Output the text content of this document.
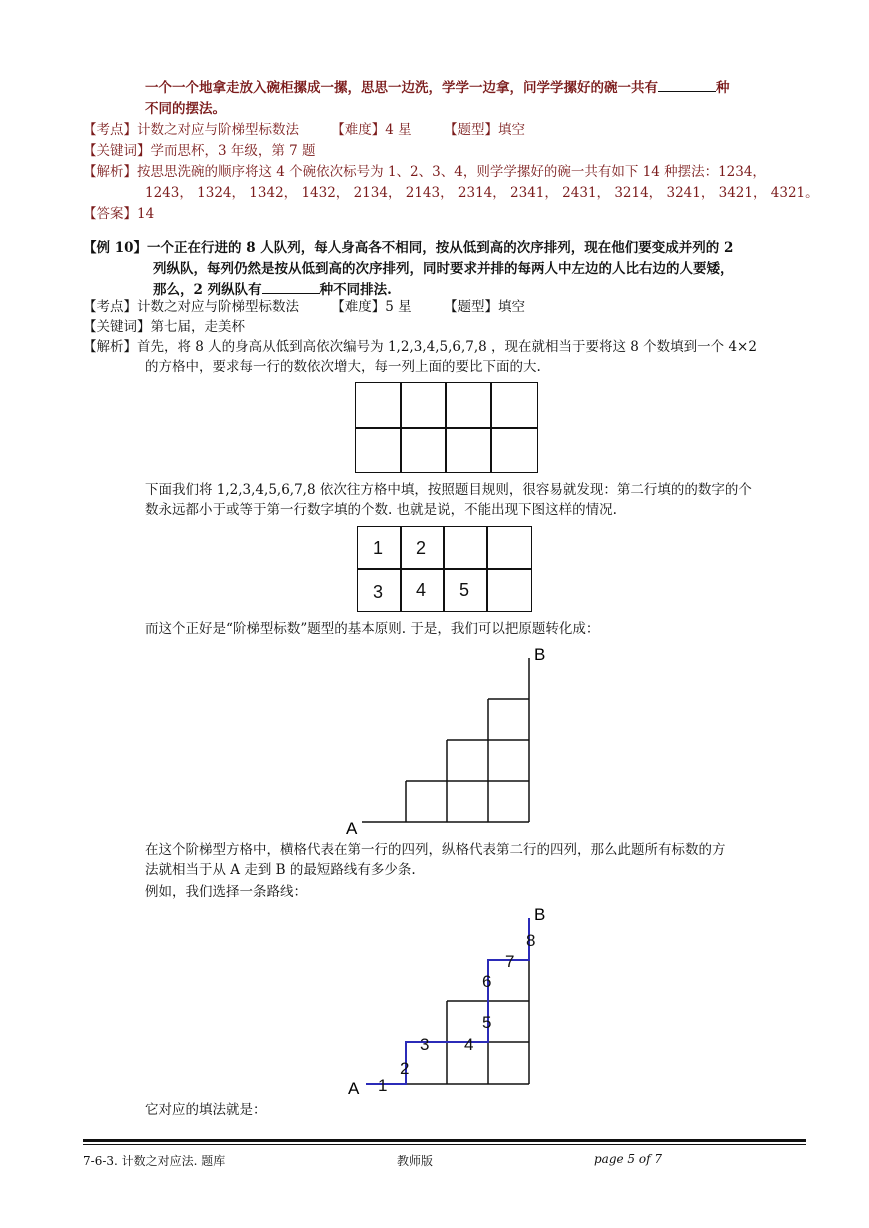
一个一个地拿走放入碗柜摞成一摞，思思一边洗，学学一边拿，问学学摞好的碗一共有	种
不同的摆法。
【考点】计数之对应与阶梯型标数法 【难度】4 星 【题型】填空
【关键词】学而思杯，3 年级，第 7 题
【解析】按思思洗碗的顺序将这 4 个碗依次标号为 1、2、3、4，则学学摞好的碗一共有如下 14 种摆法：1234，
1243， 1324， 1342， 1432， 2134， 2143， 2314， 2341， 2431， 3214， 3241， 3421， 4321。
【答案】14
【例 10】一个正在行进的 8 人队列，每人身高各不相同，按从低到高的次序排列，现在他们要变成并列的 2
列纵队，每列仍然是按从低到高的次序排列，同时要求并排的每两人中左边的人比右边的人要矮，
那么，2 列纵队有	种不同排法.
【考点】计数之对应与阶梯型标数法 【难度】5 星 【题型】填空
【关键词】第七届，走美杯
【解析】首先，将 8 人的身高从低到高依次编号为 1,2,3,4,5,6,7,8 ，现在就相当于要将这 8 个数填到一个 4×2
的方格中，要求每一行的数依次增大，每一列上面的要比下面的大.
下面我们将 1,2,3,4,5,6,7,8 依次往方格中填，按照题目规则，很容易就发现：第二行填的的数字的个
数永远都小于或等于第一行数字填的个数. 也就是说，不能出现下图这样的情况.
1 2
3 4 5
而这个正好是“阶梯型标数”题型的基本原则. 于是，我们可以把原题转化成：
A
B
在这个阶梯型方格中，横格代表在第一行的四列，纵格代表第二行的四列，那么此题所有标数的方
法就相当于从 A 走到 B 的最短路线有多少条.
例如，我们选择一条路线：
1
2
3 4
5
6
7
8
A
B
它对应的填法就是：
7-6-3. 计数之对应法. 题库	教师版	page 5 of 7
